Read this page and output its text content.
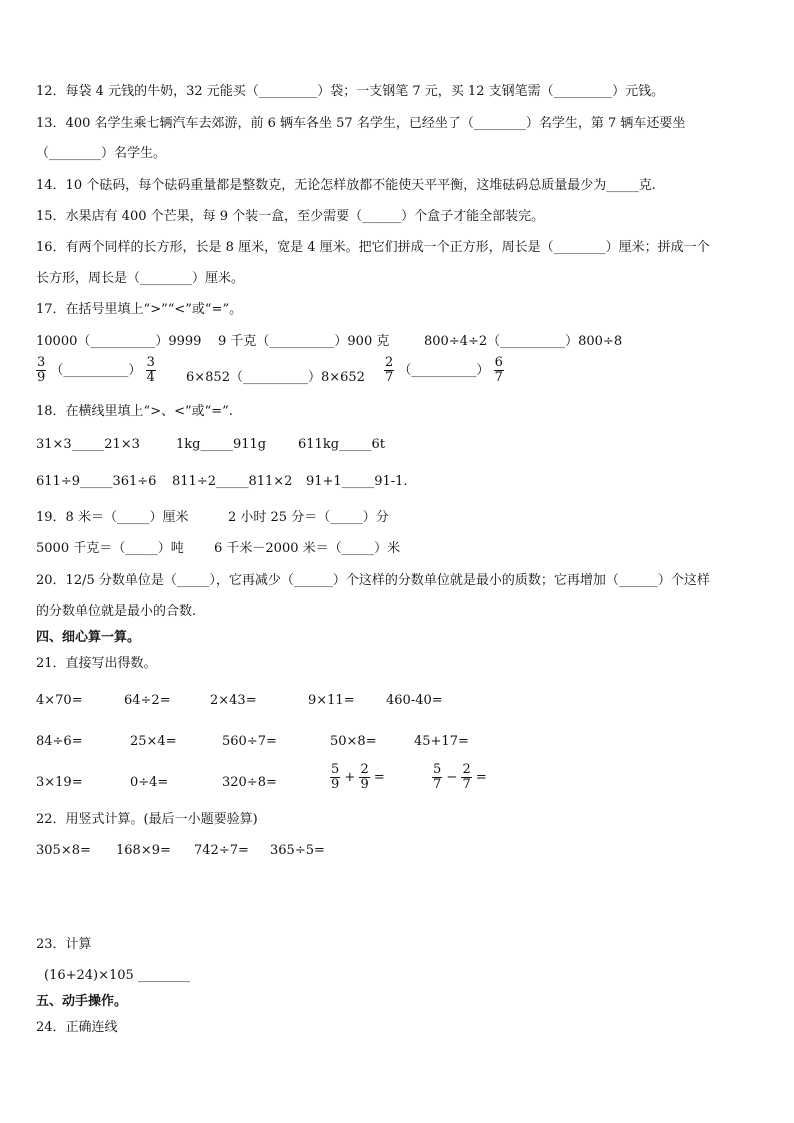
12．每袋 4 元钱的牛奶，32 元能买（_________）袋；一支钢笔 7 元，买 12 支钢笔需（_________）元钱。
13．400 名学生乘七辆汽车去郊游，前 6 辆车各坐 57 名学生，已经坐了（________）名学生，第 7 辆车还要坐
（________）名学生。
14．10 个砝码，每个砝码重量都是整数克，无论怎样放都不能使天平平衡，这堆砝码总质量最少为_____克.
15．水果店有 400 个芒果，每 9 个装一盒，至少需要（______）个盒子才能全部装完。
16．有两个同样的长方形，长是 8 厘米，宽是 4 厘米。把它们拼成一个正方形，周长是（________）厘米；拼成一个
长方形，周长是（________）厘米。
17．在括号里填上“>”“<”或“=”。
10000（__________）9999 9 千克（__________）900 克	800÷4÷2（__________）800÷8
$\frac{3}{9}$ （__________） $\frac{3}{4}$ 6×852（__________）8×652 $\frac{2}{7}$ （__________） $\frac{6}{7}$
18．在横线里填上“>、<”或“=”.
31×3_____21×3	1kg_____911g 611kg_____6t
611÷9_____361÷6 811÷2_____811×2 91+1_____91-1.
19．8 米＝（_____）厘米	2 小时 25 分＝（_____）分
5000 千克＝（_____）吨 6 千米－2000 米＝（_____）米
20．12/5 分数单位是（_____），它再减少（______）个这样的分数单位就是最小的质数；它再增加（______）个这样
的分数单位就是最小的合数.
四、细心算一算。
21．直接写出得数。
4×70=	64÷2=	2×43=	9×11= 460-40=
84÷6=	25×4=	560÷7=	50×8=	45+17=
3×19=	0÷4=	320÷8=	$\frac{5}{9} + \frac{2}{9}$ =	$\frac{5}{7} - \frac{2}{7}$ =
22．用竖式计算。(最后一小题要验算)
305×8= 168×9= 742÷7= 365÷5=
23．计算
(16+24)×105 ________
五、动手操作。
24．正确连线
